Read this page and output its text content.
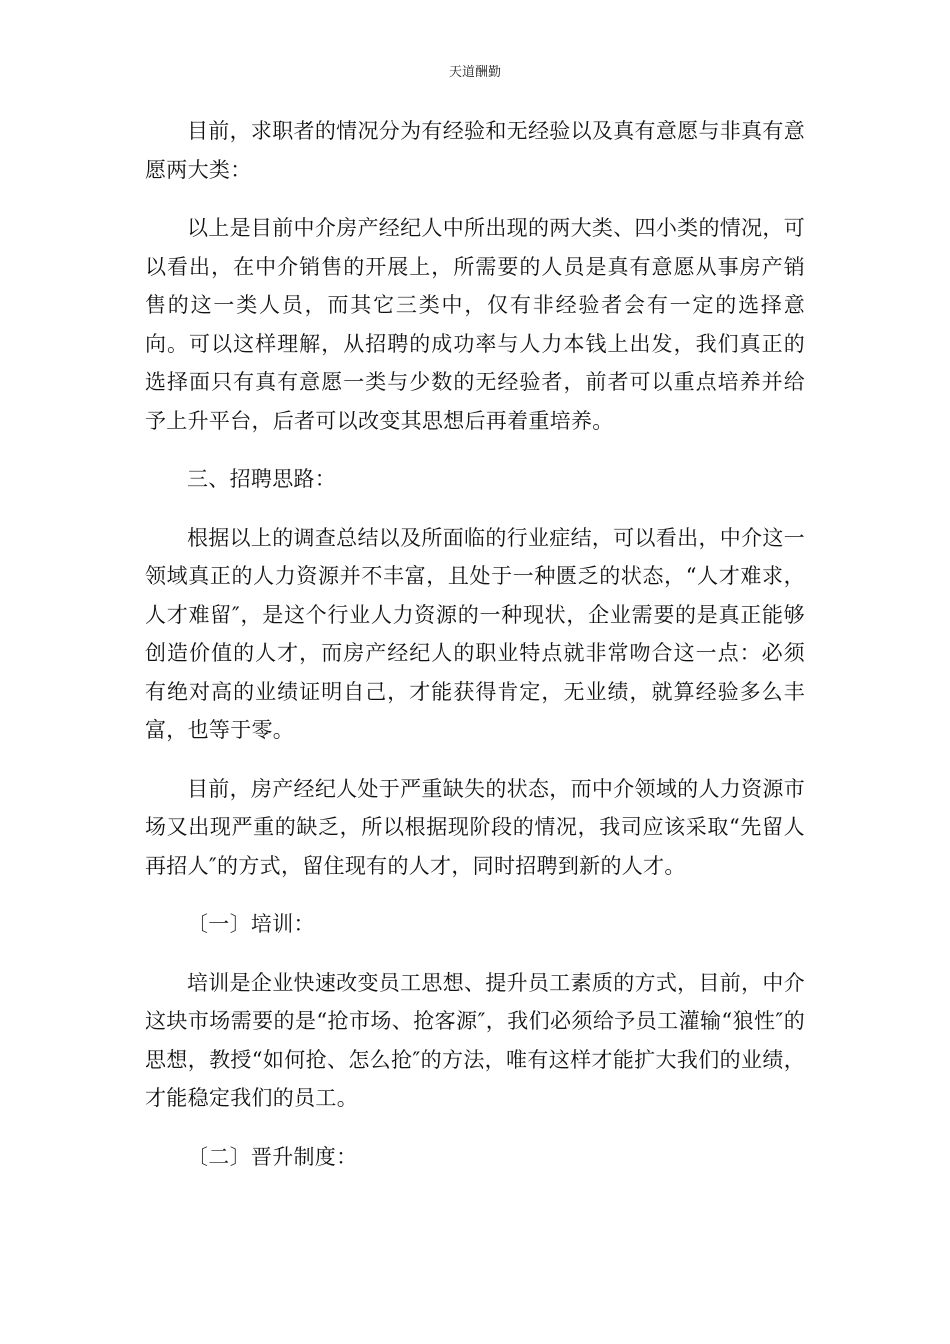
天道酬勤

目前，求职者的情况分为有经验和无经验以及真有意愿与非真有意愿两大类：

以上是目前中介房产经纪人中所出现的两大类、四小类的情况，可以看出，在中介销售的开展上，所需要的人员是真有意愿从事房产销售的这一类人员，而其它三类中，仅有非经验者会有一定的选择意向。可以这样理解，从招聘的成功率与人力本钱上出发，我们真正的选择面只有真有意愿一类与少数的无经验者，前者可以重点培养并给予上升平台，后者可以改变其思想后再着重培养。

三、招聘思路：

根据以上的调查总结以及所面临的行业症结，可以看出，中介这一领域真正的人力资源并不丰富，且处于一种匮乏的状态，“人才难求，人才难留″，是这个行业人力资源的一种现状，企业需要的是真正能够创造价值的人才，而房产经纪人的职业特点就非常吻合这一点：必须有绝对高的业绩证明自己，才能获得肯定，无业绩，就算经验多么丰富，也等于零。

目前，房产经纪人处于严重缺失的状态，而中介领域的人力资源市场又出现严重的缺乏，所以根据现阶段的情况，我司应该采取“先留人再招人″的方式，留住现有的人才，同时招聘到新的人才。

〔一〕培训：

培训是企业快速改变员工思想、提升员工素质的方式，目前，中介这块市场需要的是“抢市场、抢客源″，我们必须给予员工灌输“狼性″的思想，教授“如何抢、怎么抢″的方法，唯有这样才能扩大我们的业绩，才能稳定我们的员工。

〔二〕晋升制度：
